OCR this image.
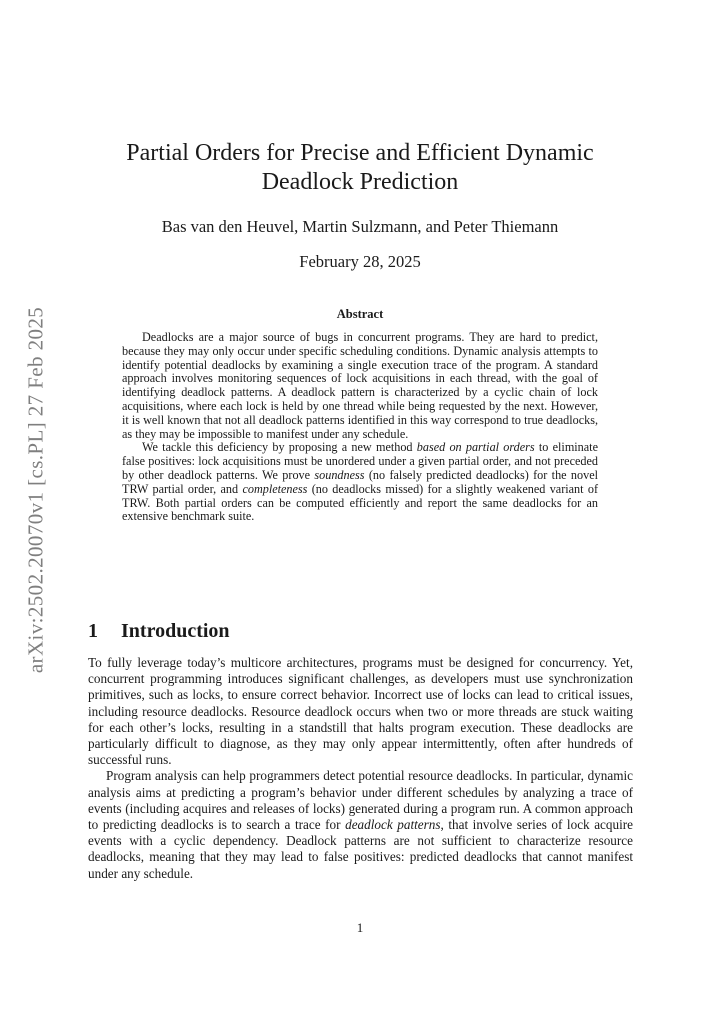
arXiv:2502.20070v1 [cs.PL] 27 Feb 2025
Partial Orders for Precise and Efficient Dynamic
Deadlock Prediction
Bas van den Heuvel, Martin Sulzmann, and Peter Thiemann
February 28, 2025
Abstract

Deadlocks are a major source of bugs in concurrent programs. They are hard to predict, because they may only occur under specific scheduling conditions. Dynamic analysis attempts to identify potential deadlocks by examining a single execution trace of the program. A standard approach involves monitoring sequences of lock acquisitions in each thread, with the goal of identifying deadlock patterns. A deadlock pattern is characterized by a cyclic chain of lock acquisitions, where each lock is held by one thread while being requested by the next. However, it is well known that not all deadlock patterns identified in this way correspond to true deadlocks, as they may be impossible to manifest under any schedule.

We tackle this deficiency by proposing a new method based on partial orders to eliminate false positives: lock acquisitions must be unordered under a given partial order, and not preceded by other deadlock patterns. We prove soundness (no falsely predicted deadlocks) for the novel TRW partial order, and completeness (no deadlocks missed) for a slightly weakened variant of TRW. Both partial orders can be computed efficiently and report the same deadlocks for an extensive benchmark suite.

1 Introduction

To fully leverage today’s multicore architectures, programs must be designed for concurrency. Yet, concurrent programming introduces significant challenges, as developers must use synchronization primitives, such as locks, to ensure correct behavior. Incorrect use of locks can lead to critical issues, including resource deadlocks. Resource deadlock occurs when two or more threads are stuck waiting for each other’s locks, resulting in a standstill that halts program execution. These deadlocks are particularly difficult to diagnose, as they may only appear intermittently, often after hundreds of successful runs.

Program analysis can help programmers detect potential resource deadlocks. In particular, dynamic analysis aims at predicting a program’s behavior under different schedules by analyzing a trace of events (including acquires and releases of locks) generated during a program run. A common approach to predicting deadlocks is to search a trace for deadlock patterns, that involve series of lock acquire events with a cyclic dependency. Deadlock patterns are not sufficient to characterize resource deadlocks, meaning that they may lead to false positives: predicted deadlocks that cannot manifest under any schedule.

1
